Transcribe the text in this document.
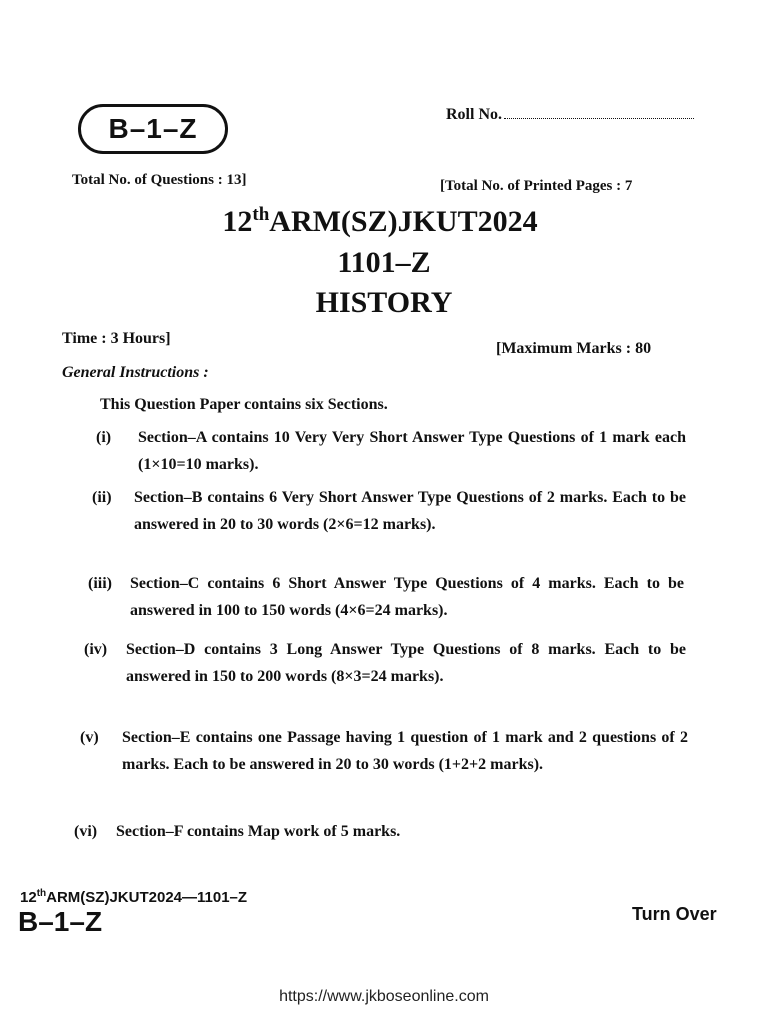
B–1–Z	Roll No.
Total No. of Questions : 13]	[Total No. of Printed Pages : 7
12thARM(SZ)JKUT2024
1101–Z
HISTORY
Time : 3 Hours]
[Maximum Marks : 80
General Instructions :
This Question Paper contains six Sections.
(i) Section–A contains 10 Very Very Short Answer Type Questions of 1 mark each (1×10=10 marks).
(ii) Section–B contains 6 Very Short Answer Type Questions of 2 marks. Each to be answered in 20 to 30 words (2×6=12 marks).
(iii) Section–C contains 6 Short Answer Type Questions of 4 marks. Each to be answered in 100 to 150 words (4×6=24 marks).
(iv) Section–D contains 3 Long Answer Type Questions of 8 marks. Each to be answered in 150 to 200 words (8×3=24 marks).
(v) Section–E contains one Passage having 1 question of 1 mark and 2 questions of 2 marks. Each to be answered in 20 to 30 words (1+2+2 marks).
(vi) Section–F contains Map work of 5 marks.
12thARM(SZ)JKUT2024—1101–Z
B–1–Z	Turn Over
https://www.jkboseonline.com
